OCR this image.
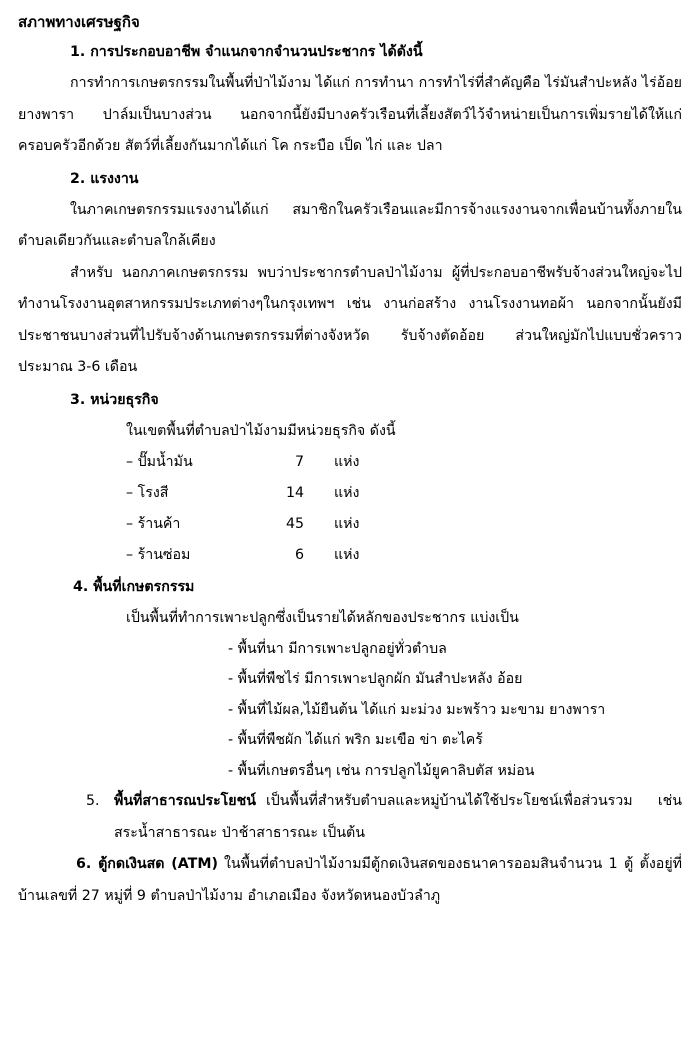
สภาพทางเศรษฐกิจ
1. การประกอบอาชีพ จำแนกจากจำนวนประชากร ได้ดังนี้

การทำการเกษตรกรรมในพื้นที่ป่าไม้งาม ได้แก่ การทำนา การทำไร่ที่สำคัญคือ ไร่มันสำปะหลัง ไร่อ้อย ยางพารา ปาล์มเป็นบางส่วน นอกจากนี้ยังมีบางครัวเรือนที่เลี้ยงสัตว์ไว้จำหน่ายเป็นการเพิ่มรายได้ให้แก่ครอบครัวอีกด้วย สัตว์ที่เลี้ยงกันมากได้แก่ โค กระบือ เป็ด ไก่ และ ปลา

2. แรงงาน

ในภาคเกษตรกรรมแรงงานได้แก่ สมาชิกในครัวเรือนและมีการจ้างแรงงานจากเพื่อนบ้านทั้งภายในตำบลเดียวกันและตำบลใกล้เคียง

สำหรับ นอกภาคเกษตรกรรม พบว่าประชากรตำบลป่าไม้งาม ผู้ที่ประกอบอาชีพรับจ้างส่วนใหญ่จะไปทำงานโรงงานอุตสาหกรรมประเภทต่างๆในกรุงเทพฯ เช่น งานก่อสร้าง งานโรงงานทอผ้า นอกจากนั้นยังมีประชาชนบางส่วนที่ไปรับจ้างด้านเกษตรกรรมที่ต่างจังหวัด รับจ้างตัดอ้อย ส่วนใหญ่มักไปแบบชั่วคราวประมาณ 3-6 เดือน

3. หน่วยธุรกิจ
ในเขตพื้นที่ตำบลป่าไม้งามมีหน่วยธุรกิจ ดังนี้
– ปั๊มน้ำมัน	7 แห่ง
– โรงสี	14 แห่ง
– ร้านค้า	45 แห่ง
– ร้านซ่อม	6 แห่ง
4. พื้นที่เกษตรกรรม
เป็นพื้นที่ทำการเพาะปลูกซึ่งเป็นรายได้หลักของประชากร แบ่งเป็น
- พื้นที่นา มีการเพาะปลูกอยู่ทั่วตำบล
- พื้นที่พืชไร่ มีการเพาะปลูกผัก มันสำปะหลัง อ้อย
- พื้นที่ไม้ผล,ไม้ยืนต้น ได้แก่ มะม่วง มะพร้าว มะขาม ยางพารา
- พื้นที่พืชผัก ได้แก่ พริก มะเขือ ข่า ตะไคร้
- พื้นที่เกษตรอื่นๆ เช่น การปลูกไม้ยูคาลิบตัส หม่อน
5.	พื้นที่สาธารณประโยชน์ เป็นพื้นที่สำหรับตำบลและหมู่บ้านได้ใช้ประโยชน์เพื่อส่วนรวม เช่น สระน้ำสาธารณะ ป่าช้าสาธารณะ เป็นต้น

6. ตู้กดเงินสด (ATM) ในพื้นที่ตำบลป่าไม้งามมีตู้กดเงินสดของธนาคารออมสินจำนวน 1 ตู้ ตั้งอยู่ที่บ้านเลขที่ 27 หมู่ที่ 9 ตำบลป่าไม้งาม อำเภอเมือง จังหวัดหนองบัวลำภู
